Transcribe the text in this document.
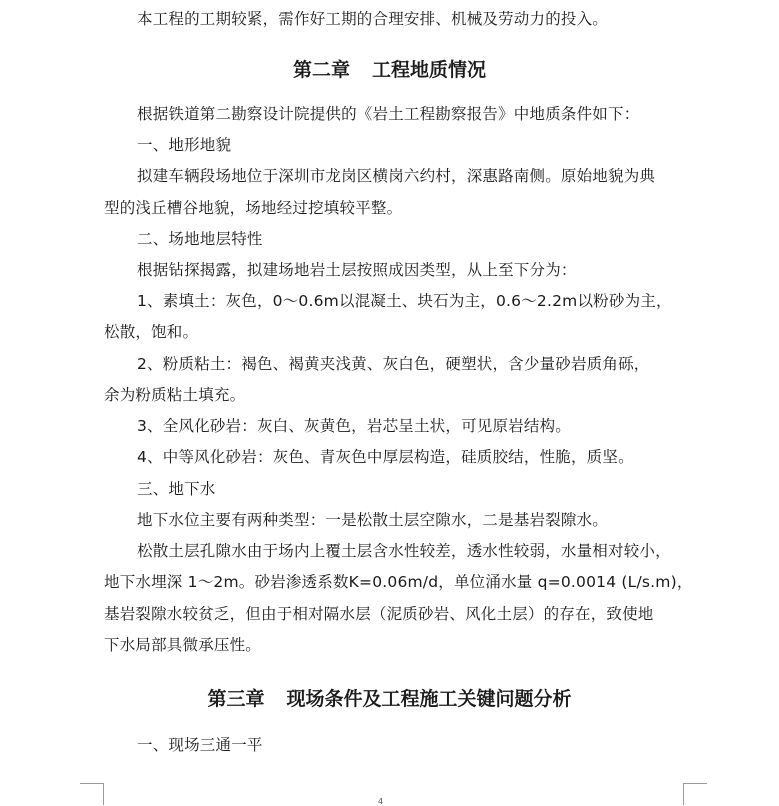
本工程的工期较紧，需作好工期的合理安排、机械及劳动力的投入。
第二章 工程地质情况
根据铁道第二勘察设计院提供的《岩土工程勘察报告》中地质条件如下：
一、地形地貌
拟建车辆段场地位于深圳市龙岗区横岗六约村，深惠路南侧。原始地貌为典
型的浅丘槽谷地貌，场地经过挖填较平整。
二、场地地层特性
根据钻探揭露，拟建场地岩土层按照成因类型，从上至下分为：
1、素填土：灰色，0～0.6m以混凝土、块石为主，0.6～2.2m以粉砂为主，
松散，饱和。
2、粉质粘土：褐色、褐黄夹浅黄、灰白色，硬塑状，含少量砂岩质角砾，
余为粉质粘土填充。
3、全风化砂岩：灰白、灰黄色，岩芯呈土状，可见原岩结构。
4、中等风化砂岩：灰色、青灰色中厚层构造，硅质胶结，性脆，质坚。
三、地下水
地下水位主要有两种类型：一是松散土层空隙水，二是基岩裂隙水。
松散土层孔隙水由于场内上覆土层含水性较差，透水性较弱，水量相对较小，
地下水埋深 1～2m。砂岩渗透系数K=0.06m/d，单位涌水量 q=0.0014 (L/s.m)，
基岩裂隙水较贫乏，但由于相对隔水层（泥质砂岩、风化土层）的存在，致使地
下水局部具微承压性。
第三章 现场条件及工程施工关键问题分析
一、现场三通一平
4
